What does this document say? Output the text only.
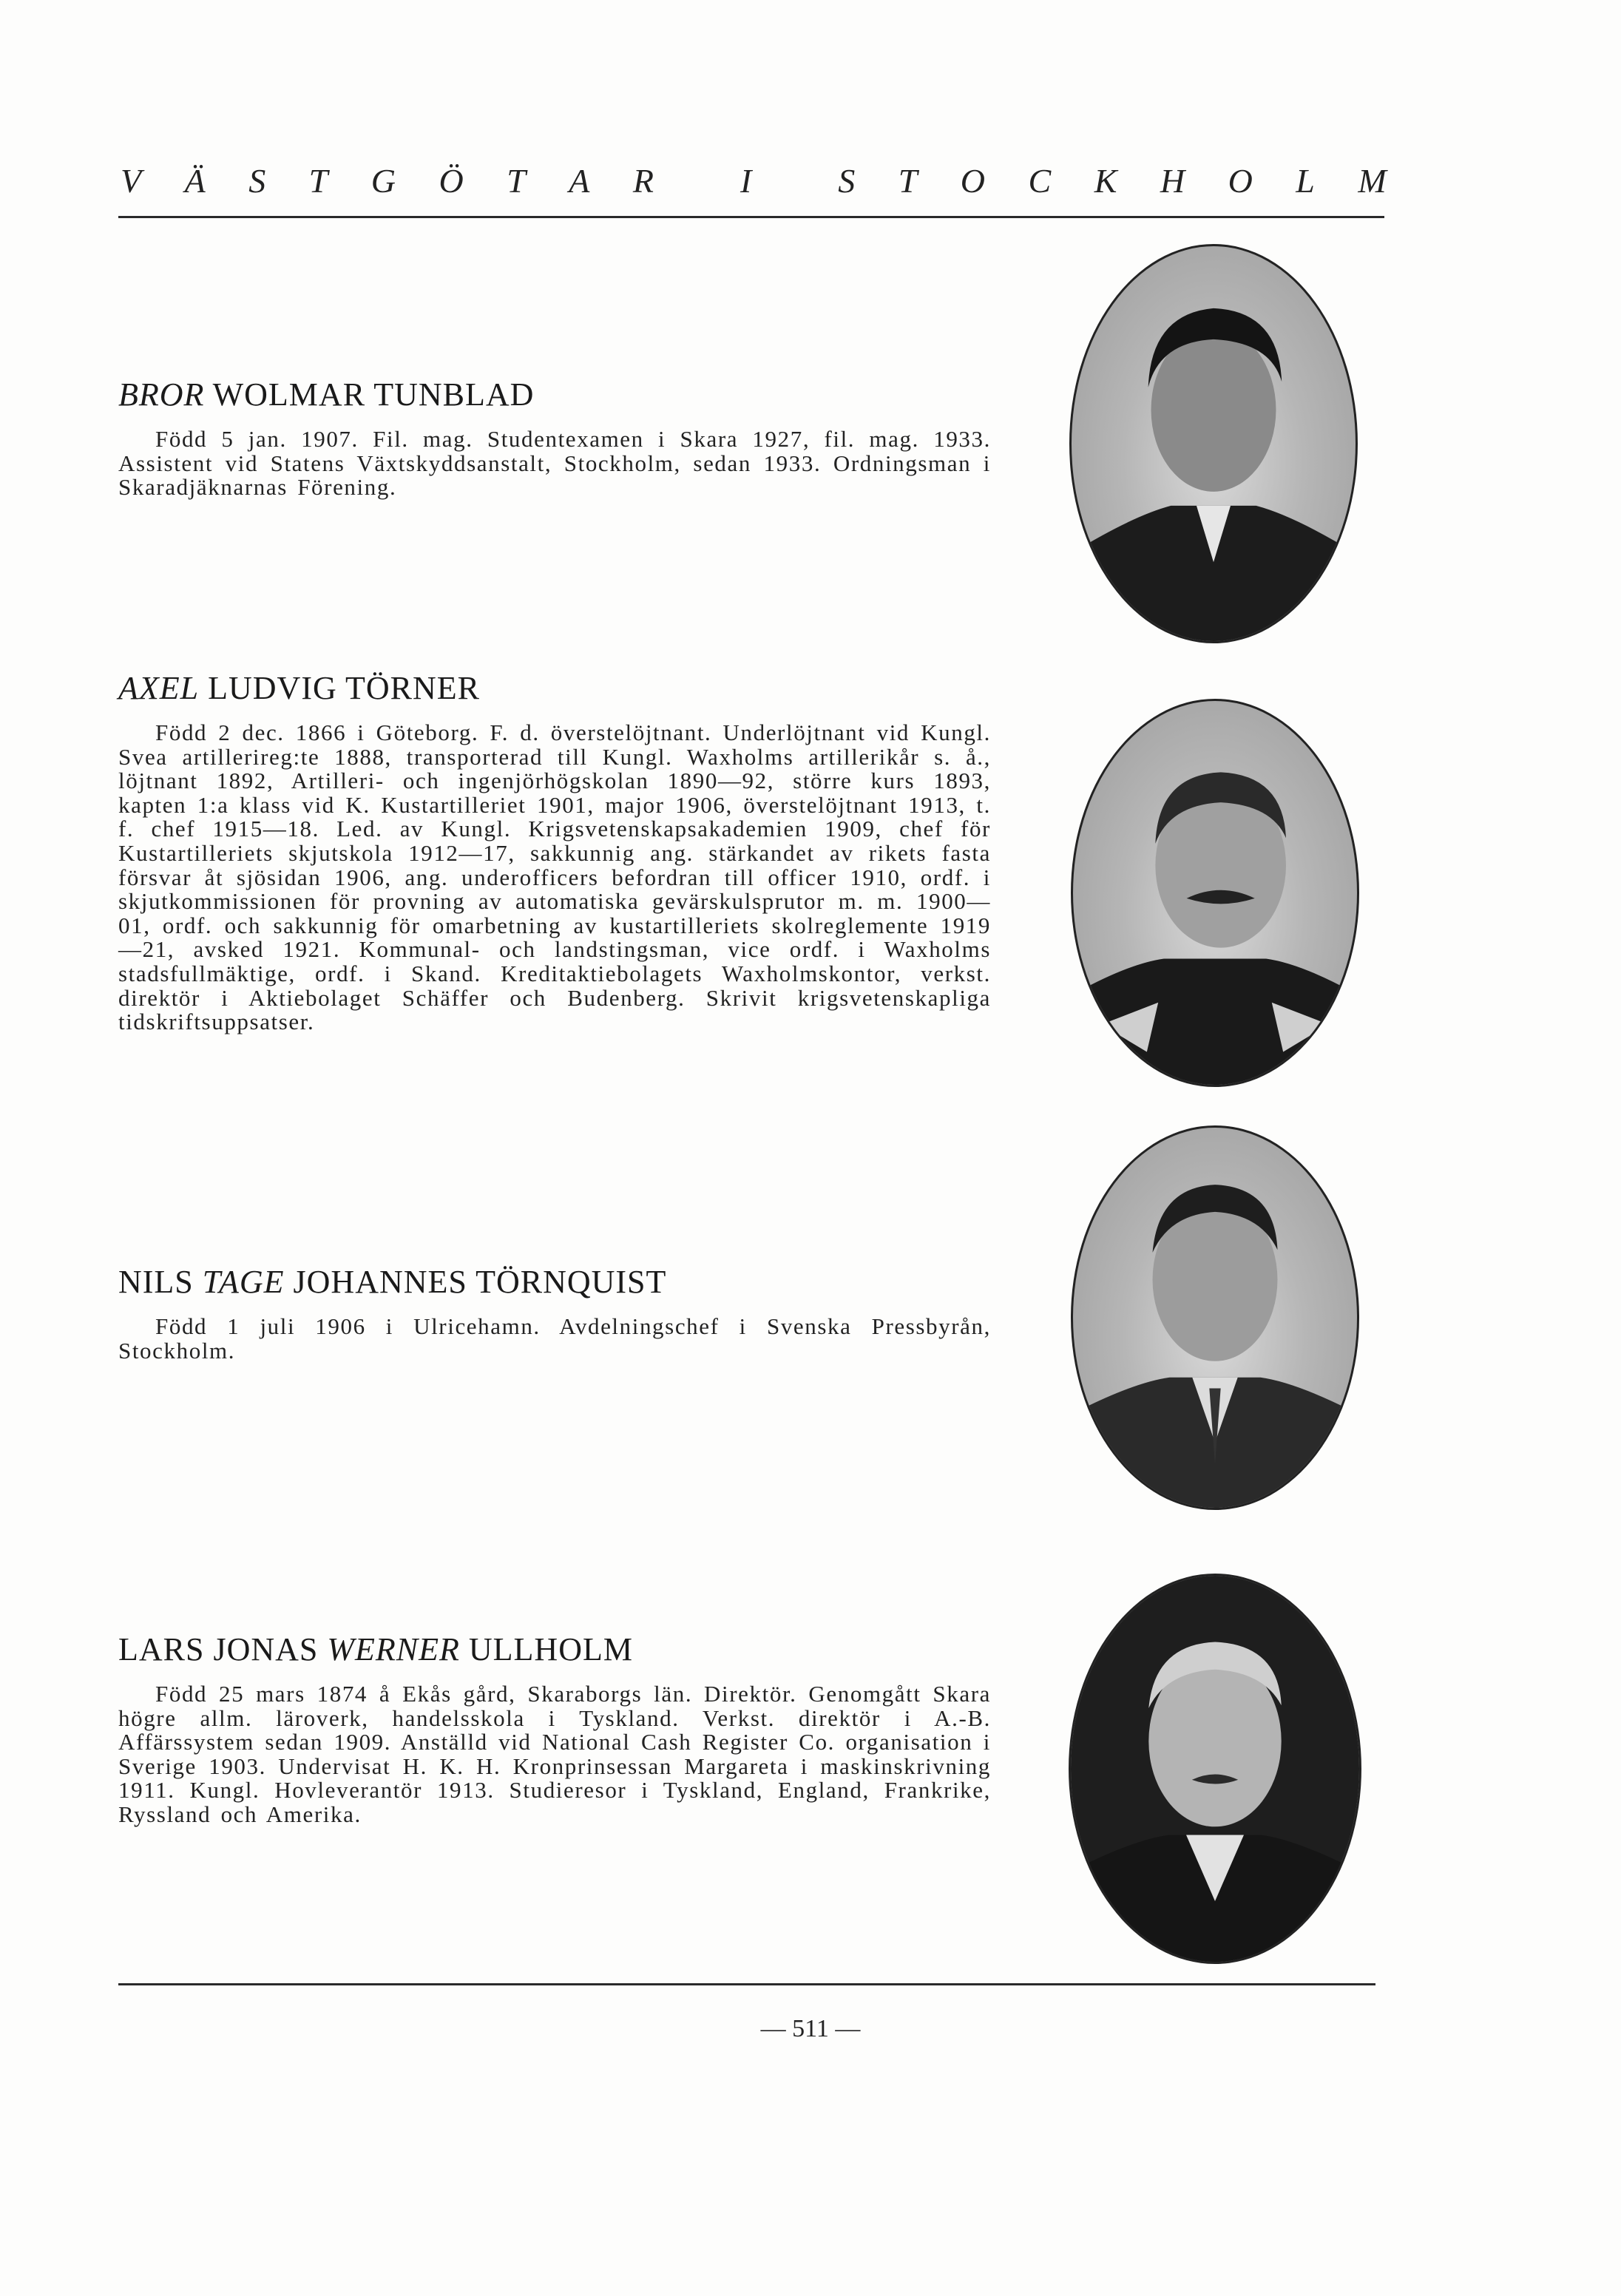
V Ä S T G Ö T A R	I	S T O C K H O L M
BROR WOLMAR TUNBLAD

Född 5 jan. 1907. Fil. mag. Studentexamen i Skara 1927, fil. mag. 1933. Assistent vid Statens Växtskyddsanstalt, Stockholm, sedan 1933. Ordningsman i Skaradjäknarnas Förening.

AXEL LUDVIG TÖRNER

Född 2 dec. 1866 i Göteborg. F. d. överstelöjtnant. Underlöjtnant vid Kungl. Svea artillerireg:te 1888, transporterad till Kungl. Waxholms artillerikår s. å., löjtnant 1892, Artilleri- och ingenjörhögskolan 1890—92, större kurs 1893, kapten 1:a klass vid K. Kustartilleriet 1901, major 1906, överstelöjtnant 1913, t. f. chef 1915—18. Led. av Kungl. Krigsvetenskapsakademien 1909, chef för Kustartilleriets skjutskola 1912—17, sakkunnig ang. stärkandet av rikets fasta försvar åt sjösidan 1906, ang. underofficers befordran till officer 1910, ordf. i skjutkommissionen för provning av automatiska gevärskulsprutor m. m. 1900—01, ordf. och sakkunnig för omarbetning av kustartilleriets skolreglemente 1919—21, avsked 1921. Kommunal- och landstingsman, vice ordf. i Waxholms stadsfullmäktige, ordf. i Skand. Kreditaktiebolagets Waxholmskontor, verkst. direktör i Aktiebolaget Schäffer och Budenberg. Skrivit krigsvetenskapliga tidskriftsuppsatser.

NILS TAGE JOHANNES TÖRNQUIST

Född 1 juli 1906 i Ulricehamn. Avdelningschef i Svenska Pressbyrån, Stockholm.

LARS JONAS WERNER ULLHOLM

Född 25 mars 1874 å Ekås gård, Skaraborgs län. Direktör. Genomgått Skara högre allm. läroverk, handelsskola i Tyskland. Verkst. direktör i A.-B. Affärssystem sedan 1909. Anställd vid National Cash Register Co. organisation i Sverige 1903. Undervisat H. K. H. Kronprinsessan Margareta i maskinskrivning 1911. Kungl. Hovleverantör 1913. Studieresor i Tyskland, England, Frankrike, Ryssland och Amerika.

— 511 —
